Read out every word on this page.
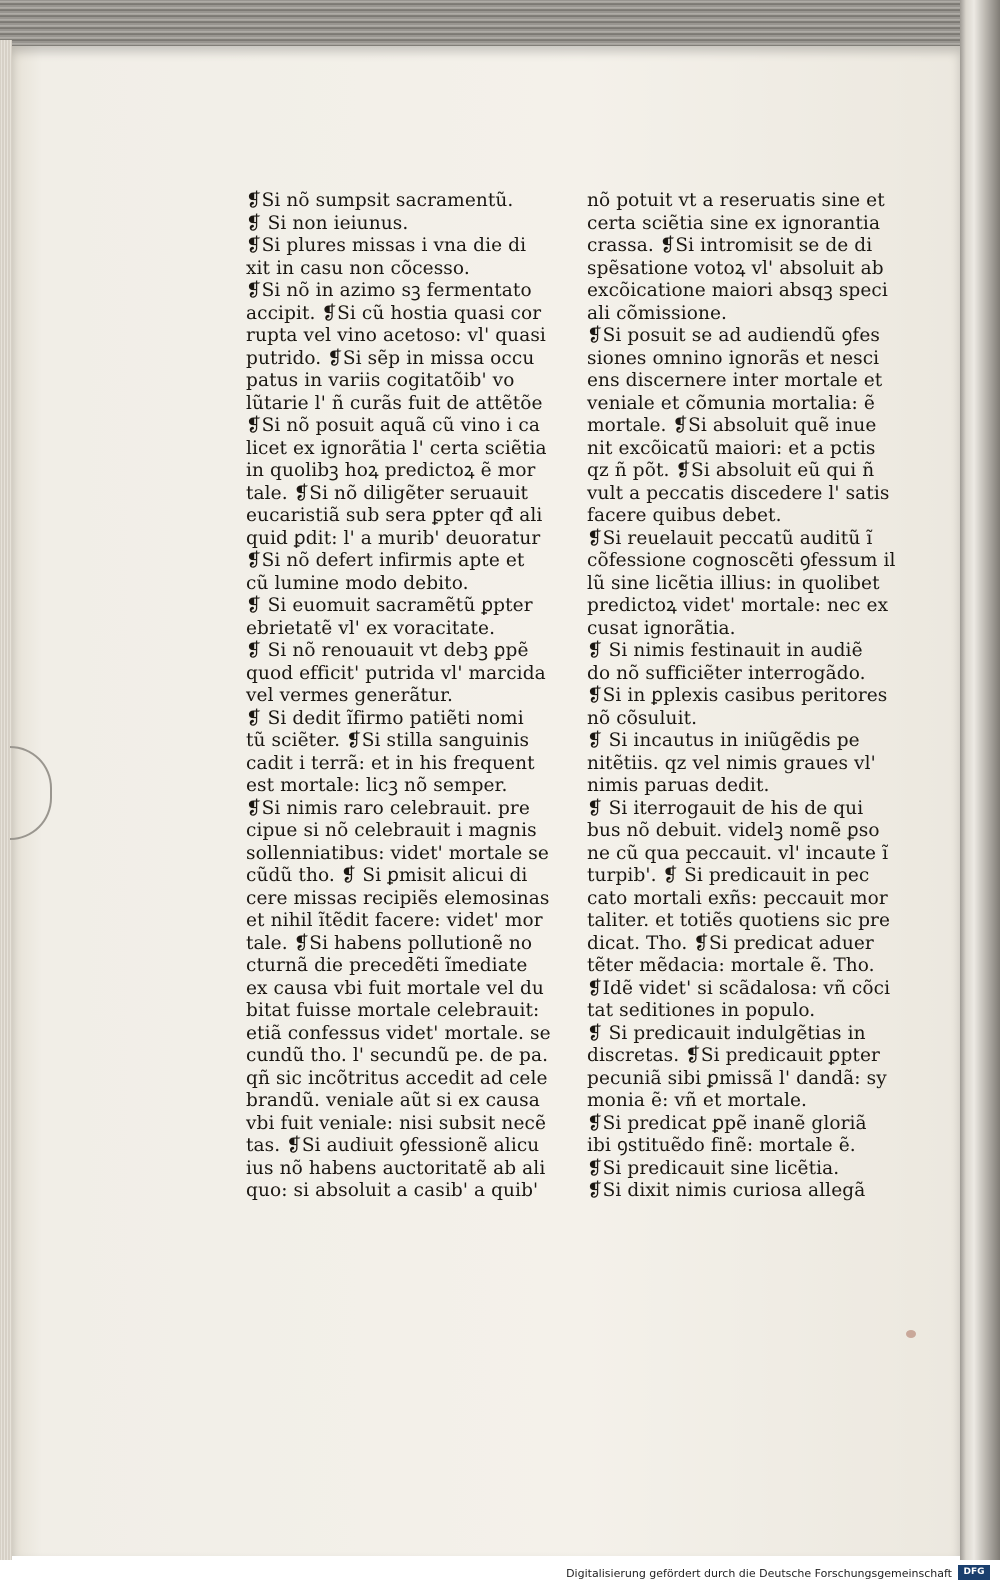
❡Si nõ sumpsit sacramentũ.
❡ Si non ieiunus.
❡Si plures missas i vna die di
xit in casu non cõcesso.
❡Si nõ in azimo sꝫ fermentato
accipit. ❡Si cũ hostia quasi cor
rupta vel vino acetoso: vl' quasi
putrido. ❡Si sẽp in missa occu
patus in variis cogitatõib' vo
lũtarie l' ñ curãs fuit de attẽtõe
❡Si nõ posuit aquã cũ vino i ca
licet ex ignorãtia l' certa sciẽtia
in quolibꝫ hoꝝ predictoꝝ ẽ mor
tale. ❡Si nõ diligẽter seruauit
eucaristiã sub sera ꝑpter qđ ali
quid ꝑdit: l' a murib' deuoratur
❡Si nõ defert infirmis apte et
cũ lumine modo debito.
❡ Si euomuit sacramẽtũ ꝑpter
ebrietatẽ vl' ex voracitate.
❡ Si nõ renouauit vt debꝫ ꝑpẽ
quod efficit' putrida vl' marcida
vel vermes generãtur.
❡ Si dedit ĩfirmo patiẽti nomi
tũ sciẽter. ❡Si stilla sanguinis
cadit i terrã: et in his frequent
est mortale: licꝫ nõ semper.
❡Si nimis raro celebrauit. pre
cipue si nõ celebrauit i magnis
sollenniatibus: videt' mortale se
cũdũ tho. ❡ Si ꝑmisit alicui di
cere missas recipiẽs elemosinas
et nihil ĩtẽdit facere: videt' mor
tale. ❡Si habens pollutionẽ no
cturnã die precedẽti ĩmediate
ex causa vbi fuit mortale vel du
bitat fuisse mortale celebrauit:
etiã confessus videt' mortale. se
cundũ tho. l' secundũ pe. de pa.
qñ sic incõtritus accedit ad cele
brandũ. veniale aũt si ex causa
vbi fuit veniale: nisi subsit necẽ
tas. ❡Si audiuit ꝯfessionẽ alicu
ius nõ habens auctoritatẽ ab ali
quo: si absoluit a casib' a quib'
nõ potuit vt a reseruatis sine et
certa sciẽtia sine ex ignorantia
crassa. ❡Si intromisit se de di
spẽsatione votoꝝ vl' absoluit ab
excõicatione maiori absqꝫ speci
ali cõmissione.
❡Si posuit se ad audiendũ ꝯfes
siones omnino ignorãs et nesci
ens discernere inter mortale et
veniale et cõmunia mortalia: ẽ
mortale. ❡Si absoluit quẽ inue
nit excõicatũ maiori: et a pctis
qz ñ põt. ❡Si absoluit eũ qui ñ
vult a peccatis discedere l' satis
facere quibus debet.
❡Si reuelauit peccatũ auditũ ĩ
cõfessione cognoscẽti ꝯfessum il
lũ sine licẽtia illius: in quolibet
predictoꝝ videt' mortale: nec ex
cusat ignorãtia.
❡ Si nimis festinauit in audiẽ
do nõ sufficiẽter interrogãdo.
❡Si in ꝑplexis casibus peritores
nõ cõsuluit.
❡ Si incautus in iniũgẽdis pe
nitẽtiis. qz vel nimis graues vl'
nimis paruas dedit.
❡ Si iterrogauit de his de qui
bus nõ debuit. videlꝫ nomẽ ꝑso
ne cũ qua peccauit. vl' incaute ĩ
turpib'. ❡ Si predicauit in pec
cato mortali exñs: peccauit mor
taliter. et totiẽs quotiens sic pre
dicat. Tho. ❡Si predicat aduer
tẽter mẽdacia: mortale ẽ. Tho.
❡Idẽ videt' si scãdalosa: vñ cõci
tat seditiones in populo.
❡ Si predicauit indulgẽtias in
discretas. ❡Si predicauit ꝑpter
pecuniã sibi ꝑmissã l' dandã: sy
monia ẽ: vñ et mortale.
❡Si predicat ꝑpẽ inanẽ gloriã
ibi ꝯstituẽdo finẽ: mortale ẽ.
❡Si predicauit sine licẽtia.
❡Si dixit nimis curiosa allegã
Digitalisierung gefördert durch die Deutsche Forschungsgemeinschaft	DFG
